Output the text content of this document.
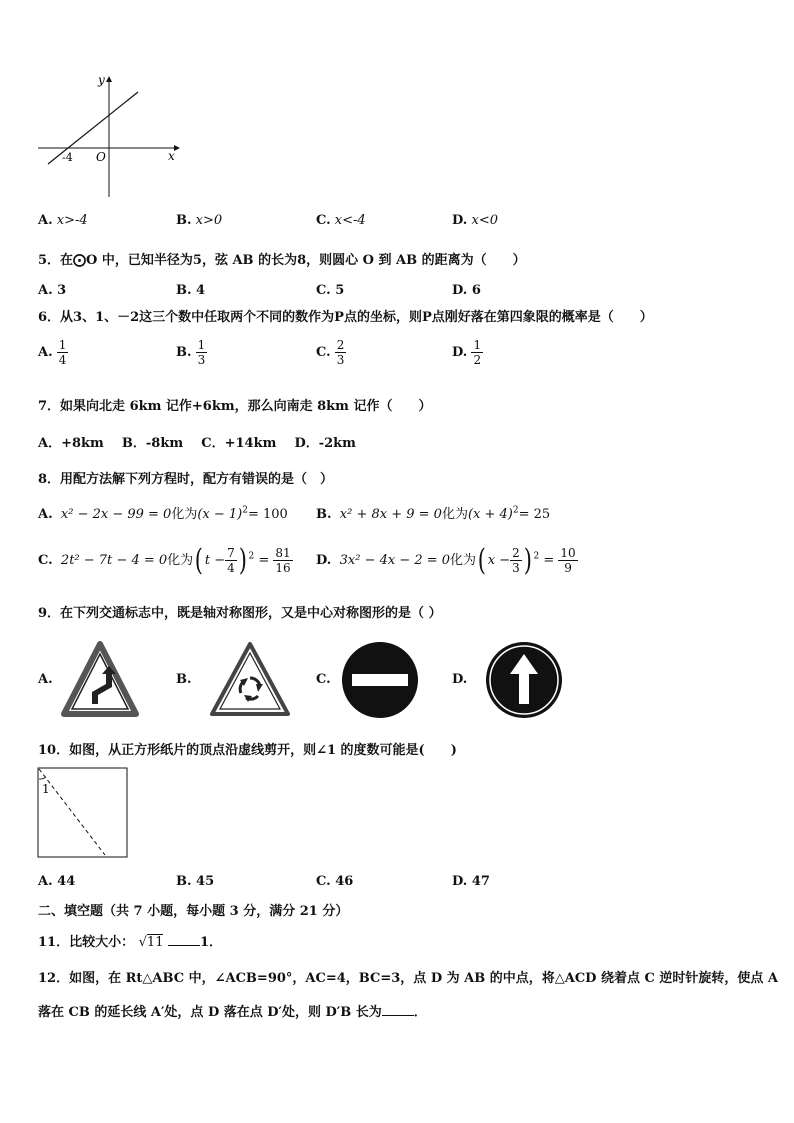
y
x
O
-4
A. x>-4	B. x>0	C. x<-4	D. x<0
5．在⨀O 中，已知半径为5，弦 AB 的长为8，则圆心 O 到 AB 的距离为（　　）
A. 3	B. 4	C. 5	D. 6
6．从3、1、－2这三个数中任取两个不同的数作为P点的坐标，则P点刚好落在第四象限的概率是（　　）
A. $\frac{1}{4}$	B. $\frac{1}{3}$	C. $\frac{2}{3}$	D. $\frac{1}{2}$
7．如果向北走 6km 记作+6km，那么向南走 8km 记作（　　）
A．+8km B．-8km C．+14km D．-2km
8．用配方法解下列方程时，配方有错误的是（　）
A. x² − 2x − 99 = 0化为$(x - 1)^2= 100$ B. x² + 8x + 9 = 0化为$(x + 4)^2= 25$
C. 2t² − 7t − 4 = 0化为( $t - \frac{7}{4}$ ) $^2 = \frac{81}{16} D$. 3x² − 4x − 2 = 0化为( $x - \frac{2}{3}$ ) $^2 = \frac{10}{9}$
9．在下列交通标志中，既是轴对称图形，又是中心对称图形的是（ ）
A.	B.	C.	D.
10．如图，从正方形纸片的顶点沿虚线剪开，则∠1 的度数可能是(　　)
1
A. 44	B. 45	C. 46	D. 47
二、填空题（共 7 小题，每小题 3 分，满分 21 分）
11．比较大小： √11	1．
12．如图，在 Rt△ABC 中，∠ACB=90°，AC=4，BC=3，点 D 为 AB 的中点，将△ACD 绕着点 C 逆时针旋转，使点 A
落在 CB 的延长线 A′处，点 D 落在点 D′处，则 D′B 长为 ．
